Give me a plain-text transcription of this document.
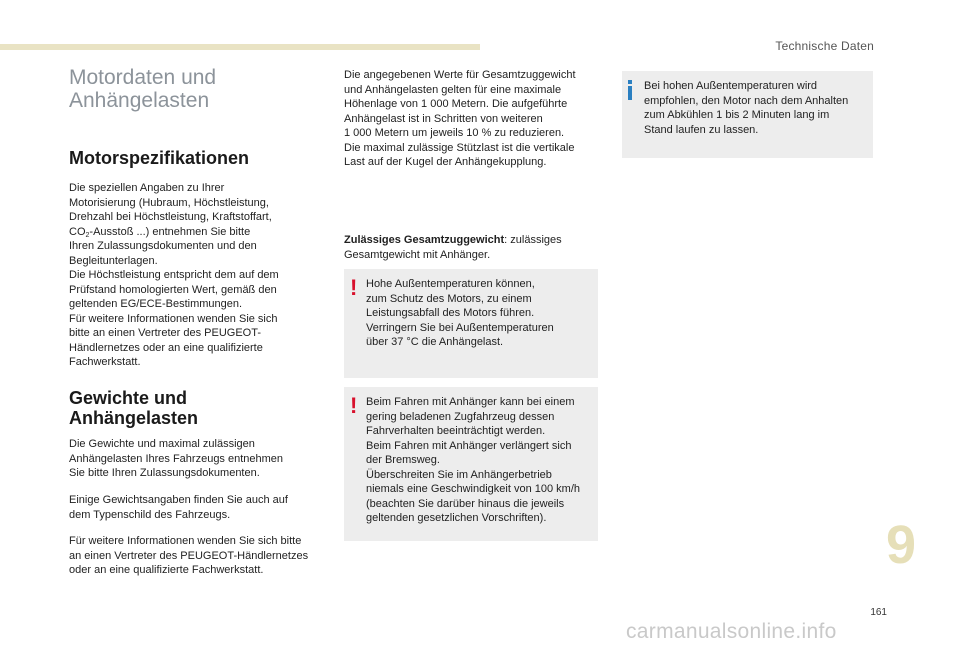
Technische Daten
Motordaten und
Anhängelasten
Motorspezifikationen

Die speziellen Angaben zu Ihrer
Motorisierung (Hubraum, Höchstleistung,
Drehzahl bei Höchstleistung, Kraftstoffart,
$CO_2$-Ausstoß ...) entnehmen Sie bitte
Ihren Zulassungsdokumenten und den
Begleitunterlagen.
Die Höchstleistung entspricht dem auf dem
Prüfstand homologierten Wert, gemäß den
geltenden EG/ECE-Bestimmungen.
Für weitere Informationen wenden Sie sich
bitte an einen Vertreter des PEUGEOT-
Händlernetzes oder an eine qualifizierte
Fachwerkstatt.

Gewichte und
Anhängelasten

Die Gewichte und maximal zulässigen
Anhängelasten Ihres Fahrzeugs entnehmen
Sie bitte Ihren Zulassungsdokumenten.

Einige Gewichtsangaben finden Sie auch auf
dem Typenschild des Fahrzeugs.

Für weitere Informationen wenden Sie sich bitte
an einen Vertreter des PEUGEOT-Händlernetzes
oder an eine qualifizierte Fachwerkstatt.

Die angegebenen Werte für Gesamtzuggewicht
und Anhängelasten gelten für eine maximale
Höhenlage von 1 000 Metern. Die aufgeführte
Anhängelast ist in Schritten von weiteren
1 000 Metern um jeweils 10 % zu reduzieren.
Die maximal zulässige Stützlast ist die vertikale
Last auf der Kugel der Anhängekupplung.

Zulässiges Gesamtzuggewicht: zulässiges
Gesamtgewicht mit Anhänger.

! Hohe Außentemperaturen können,
zum Schutz des Motors, zu einem
Leistungsabfall des Motors führen.
Verringern Sie bei Außentemperaturen
über 37 °C die Anhängelast.

! Beim Fahren mit Anhänger kann bei einem
gering beladenen Zugfahrzeug dessen
Fahrverhalten beeinträchtigt werden.
Beim Fahren mit Anhänger verlängert sich
der Bremsweg.
Überschreiten Sie im Anhängerbetrieb
niemals eine Geschwindigkeit von 100 km/h
(beachten Sie darüber hinaus die jeweils
geltenden gesetzlichen Vorschriften).

Bei hohen Außentemperaturen wird
empfohlen, den Motor nach dem Anhalten
zum Abkühlen 1 bis 2 Minuten lang im
Stand laufen zu lassen.

9
161
carmanualsonline.info
